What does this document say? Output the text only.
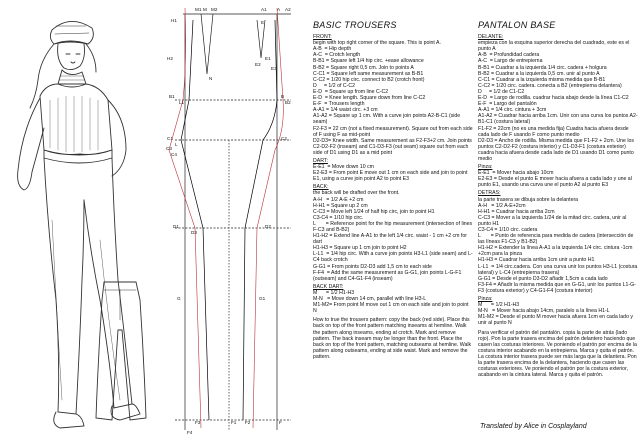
M1 M M2	A1 A A2
H1
H2
B1
C1
C3
C4
D1
G
D3
F3
F4
B
B2
E1
E3
C2
D2
F2	F
N
E2
E
L
L1
F1
G1
BASIC TROUSERS
FRONT:

begin with top right corner of the square. This is point A.

A-B  = Hip depth

A-C  = Crotch length

B-B1 = Square left 1/4 hip circ. +ease allowance

B-B2 = Square right 0,5 cm. Join to points A

C-C1 = Square left same measurement as B-B1

C-C2 = 1/20 hip circ. connect to B2 (crotch front)

D     = 1/2 of C-C2

E-D  = Square up from line C-C2

E-D  = Knee length. Square down from line C-C2

E-F  = Trousers length

A-A1 = 1/4 waist circ. +3 cm

A1-A2 = Square up 1 cm. With a curve join points A2-B-C1 (side seam)

F2-F3 = 22 cm (not a fixed measurement). Square out from each side of F using F as mid-point

D2-D3= Knee width. Same measurement as F2-F3+2 cm. Join points C2-D2-F2 (inseam) and C1-D3-F3 (out seam) square out from each side of D1 using D1 as a mid point

DART:

E-E1  = Move down 10 cm

E2-E3 = From point E move out 1 cm on each side and join to point E1, using a curve join point A2 to point E3

BACK:

the back will be drafted over the front.

A-H   = 1/2 A-E +2 cm

H-H1 = Square up 2 cm

C-C3 = Move left 1/24 of half hip circ, join to point H1

C3-C4 = 1/10 hip circ.

L       = Reference point for the hip measurement (intersection of lines F-C3 and B-B2)

H1-H2 = Extend line A-A1 to the left 1/4 circ. waist - 1 cm +2 cm for dart

H1-H3 = Square up 1 cm join to point H2

L-L1  = 1/4 hip circ. With a curve join points H3-L1 (side seam) and L-C4 back crotch

G-G1 = From points D2-D3 add 1,5 cm to each side

F-F4  = Add the same measurement as G-G1, join points L-G-F1 (outseam) and C4-G1-F4 (inseam)

BACK DART:

M      = 1/2 H1-H3

M-N   = Move down 14 cm, parallel with line H3-L

M1-M2= From point M move out 1 cm on each side and join to point N

How to true the trousers pattern: copy the back (red side). Place this back on top of the front pattern matching inseams at hemline. Walk the pattern along inseams, ending at crotch. Mark and remove pattern. The back inseam may be longer than the front. Place the back on top of the front pattern, matching outseams at hemline. Walk pattern along outseams, ending at side waist. Mark and remove the pattern.

PANTALON BASE
DELANTE:

empieza con la esquina superior derecha del cuadrado, este es el punto A

A-B  = Profundidad cadera

A-C  = Largo de entrepierna

B-B1 = Cuadrar a la izquierda 1/4 circ. cadera + holgura

B-B2 = Cuadrar a la izquierda 0,5 cm. unir al punto A

C-C1 = Cuadrar a la izquierda misma medida que B-B1

C-C2 = 1/20 circ. cadera. conecta a B2 (entrepierna delantera)

D     = 1/2 de C1-C2

E-D  = Largo de rodilla. cuadrar hacia abajo desde la línea C1-C2

E-F  = Largo del pantalón

A-A1 = 1/4 circ. cintura + 3cm

A1-A2 = Cuadrar hacia arriba 1cm. Unir con una curva los puntos A2-B1-C1 (costura lateral)

F1-F2 = 22cm (no es una medida fija) Cuadra hacia afuera desde cada lado de F usando F como punto medio

D2-D3 = Ancho de rodilla. Misma medida que F1-F2 + 2cm. Une los puntos C2-D2-F2 (costura interior) y C1-D3-F1 (costura exterior) cuadra hacia afuera desde cada lado de D1 usando D1 como punto medio

Pinza:

E-E1  = Mover hacia abajo 10cm

E2-E3 = Desde el punto E mover hacia afuera a cada lado y une al punto E1, usando una curva une el punto A2 al punto E3

DETRAS:

la parte trasera se dibuja sobre la delantera

A-H   = 1/2 A-E+2cm

H-H1 = Cuadrar hacia arriba 2cm

C-C3 = Mover a la izquierda 1/24 de la mitad circ. cadera, unir al punto H1

C3-C4 = 1/10 circ. cadera

L       = Punto de referencia para medida de cadera (intersección de las líneas F1-C3 y B1-B2)

H1-H2 = Extender la línea A-A1 a la izquierda 1/4 circ. cintura -1cm +2cm para la pinza

H1-H3 = Cuadrar hacia arriba 1cm unir a punto H1

L-L1  = 1/4 circ.cadera. Con una curva unir los puntos H3-L1 (costura lateral) y L-C4 (entrepierna trasera)

G-G1 = Desde el punto D3-D2 añadir 1,5cm a cada lado

F3-F4 = Añadir la misma medida que en G-G1, unir los puntos L1-G-F3 (costura exterior) y C4-G1-F4 (costura interior)

Pinza:

M      = 1/2 H1-H3

M-N   = Mover hacia abajo 14cm, paralelo a la línea H1-L

M1-M2 = Desde el punto M mover hacia afuera 1cm en cada lado y unir al punto N

Para verificar el patrón del pantalón. copia la parte de atrás (lado rojo). Pon la parte trasera encima del patrón delantero haciendo que casen las costuras interiores. Ve poniendo el patrón por encima de la costura interior acabando en la entrepierna. Marca y quita el patrón. La costura interior trasera puede ser más larga que la delantera. Pon la parte trasera encima de la delantera, haciendo que casen las costuras exteriores. Ve poniendo el patrón por la costura exterior, acabando en la cintura lateral. Marca y quita el patrón.

Translated by Alice in Cosplayland
